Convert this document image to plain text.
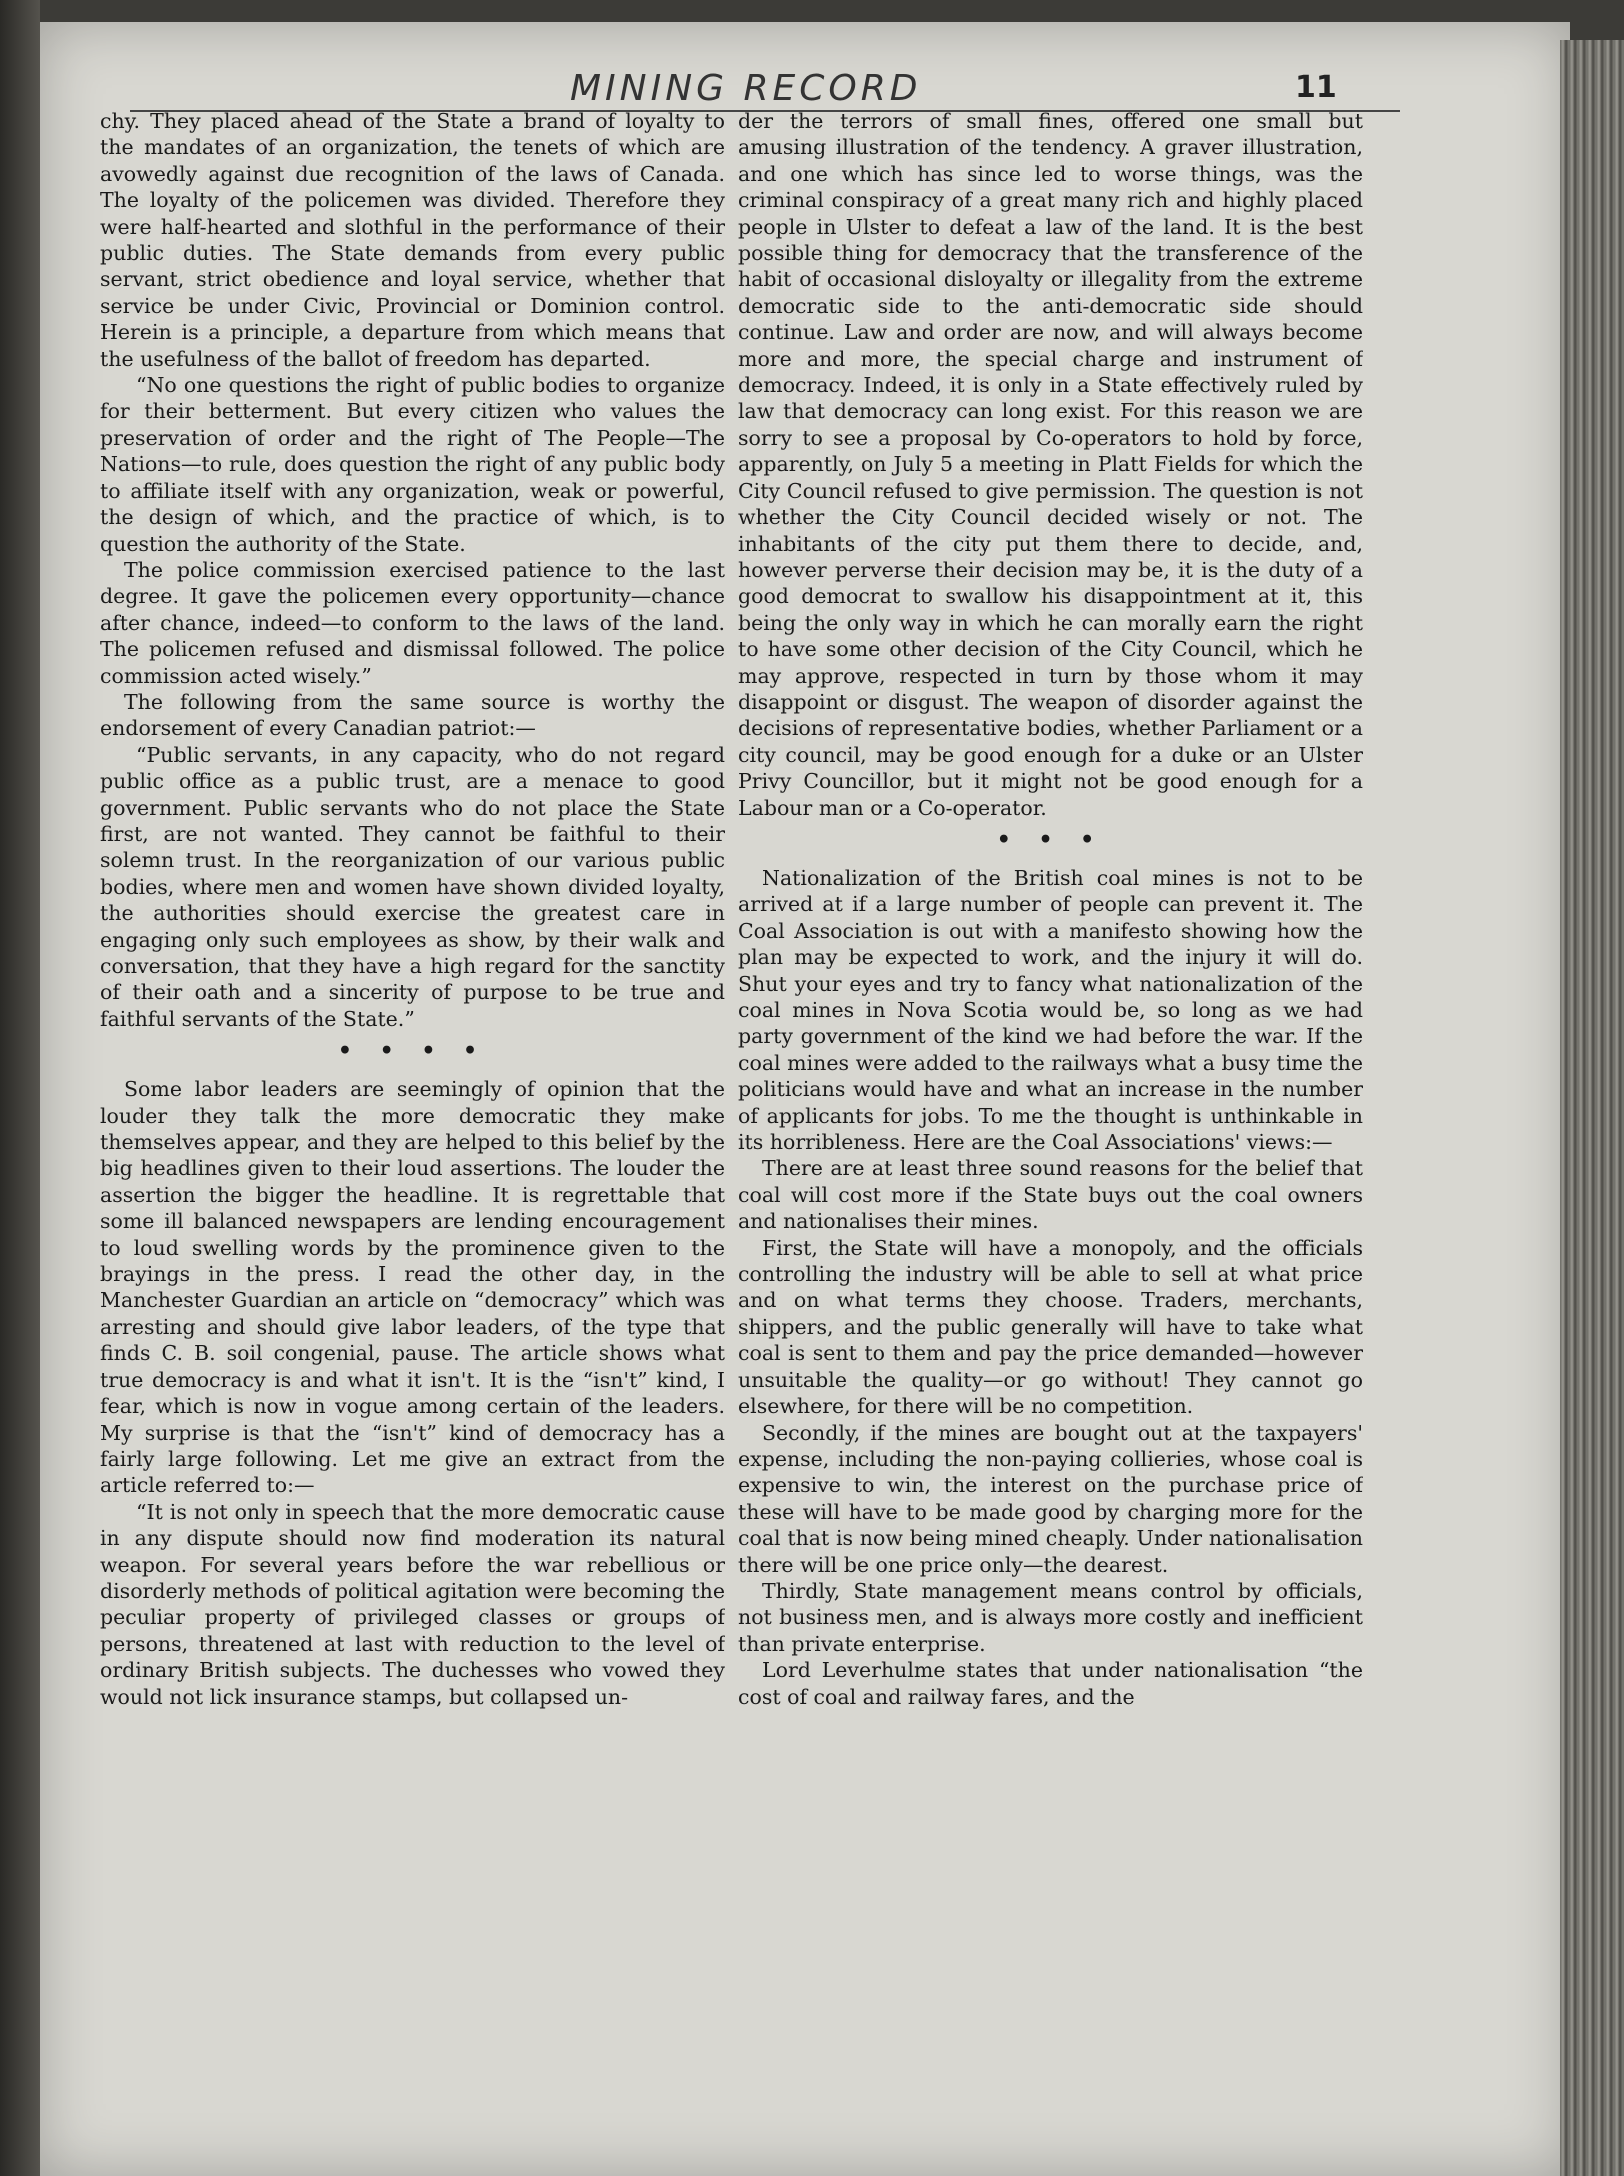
MINING RECORD	11

chy. They placed ahead of the State a brand of loyalty to the mandates of an organization, the tenets of which are avowedly against due recognition of the laws of Canada. The loyalty of the policemen was divided. Therefore they were half-hearted and slothful in the performance of their public duties. The State demands from every public servant, strict obedience and loyal service, whether that service be under Civic, Provincial or Dominion control. Herein is a principle, a departure from which means that the usefulness of the ballot of freedom has departed.

“No one questions the right of public bodies to organize for their betterment. But every citizen who values the preservation of order and the right of The People—The Nations—to rule, does question the right of any public body to affiliate itself with any organization, weak or powerful, the design of which, and the practice of which, is to question the authority of the State.

The police commission exercised patience to the last degree. It gave the policemen every opportunity—chance after chance, indeed—to conform to the laws of the land. The policemen refused and dismissal followed. The police commission acted wisely.”

The following from the same source is worthy the endorsement of every Canadian patriot:—

“Public servants, in any capacity, who do not regard public office as a public trust, are a menace to good government. Public servants who do not place the State first, are not wanted. They cannot be faithful to their solemn trust. In the reorganization of our various public bodies, where men and women have shown divided loyalty, the authorities should exercise the greatest care in engaging only such employees as show, by their walk and conversation, that they have a high regard for the sanctity of their oath and a sincerity of purpose to be true and faithful servants of the State.”

• • • •

Some labor leaders are seemingly of opinion that the louder they talk the more democratic they make themselves appear, and they are helped to this belief by the big headlines given to their loud assertions. The louder the assertion the bigger the headline. It is regrettable that some ill balanced newspapers are lending encouragement to loud swelling words by the prominence given to the brayings in the press. I read the other day, in the Manchester Guardian an article on “democracy” which was arresting and should give labor leaders, of the type that finds C. B. soil congenial, pause. The article shows what true democracy is and what it isn't. It is the “isn't” kind, I fear, which is now in vogue among certain of the leaders. My surprise is that the “isn't” kind of democracy has a fairly large following. Let me give an extract from the article referred to:—

“It is not only in speech that the more democratic cause in any dispute should now find moderation its natural weapon. For several years before the war rebellious or disorderly methods of political agitation were becoming the peculiar property of privileged classes or groups of persons, threatened at last with reduction to the level of ordinary British subjects. The duchesses who vowed they would not lick insurance stamps, but collapsed un-

der the terrors of small fines, offered one small but amusing illustration of the tendency. A graver illustration, and one which has since led to worse things, was the criminal conspiracy of a great many rich and highly placed people in Ulster to defeat a law of the land. It is the best possible thing for democracy that the transference of the habit of occasional disloyalty or illegality from the extreme democratic side to the anti-democratic side should continue. Law and order are now, and will always become more and more, the special charge and instrument of democracy. Indeed, it is only in a State effectively ruled by law that democracy can long exist. For this reason we are sorry to see a proposal by Co-operators to hold by force, apparently, on July 5 a meeting in Platt Fields for which the City Council refused to give permission. The question is not whether the City Council decided wisely or not. The inhabitants of the city put them there to decide, and, however perverse their decision may be, it is the duty of a good democrat to swallow his disappointment at it, this being the only way in which he can morally earn the right to have some other decision of the City Council, which he may approve, respected in turn by those whom it may disappoint or disgust. The weapon of disorder against the decisions of representative bodies, whether Parliament or a city council, may be good enough for a duke or an Ulster Privy Councillor, but it might not be good enough for a Labour man or a Co-operator.

• • •

Nationalization of the British coal mines is not to be arrived at if a large number of people can prevent it. The Coal Association is out with a manifesto showing how the plan may be expected to work, and the injury it will do. Shut your eyes and try to fancy what nationalization of the coal mines in Nova Scotia would be, so long as we had party government of the kind we had before the war. If the coal mines were added to the railways what a busy time the politicians would have and what an increase in the number of applicants for jobs. To me the thought is unthinkable in its horribleness. Here are the Coal Associations' views:—

There are at least three sound reasons for the belief that coal will cost more if the State buys out the coal owners and nationalises their mines.

First, the State will have a monopoly, and the officials controlling the industry will be able to sell at what price and on what terms they choose. Traders, merchants, shippers, and the public generally will have to take what coal is sent to them and pay the price demanded—however unsuitable the quality—or go without! They cannot go elsewhere, for there will be no competition.

Secondly, if the mines are bought out at the taxpayers' expense, including the non-paying collieries, whose coal is expensive to win, the interest on the purchase price of these will have to be made good by charging more for the coal that is now being mined cheaply. Under nationalisation there will be one price only—the dearest.

Thirdly, State management means control by officials, not business men, and is always more costly and inefficient than private enterprise.

Lord Leverhulme states that under nationalisation “the cost of coal and railway fares, and the
